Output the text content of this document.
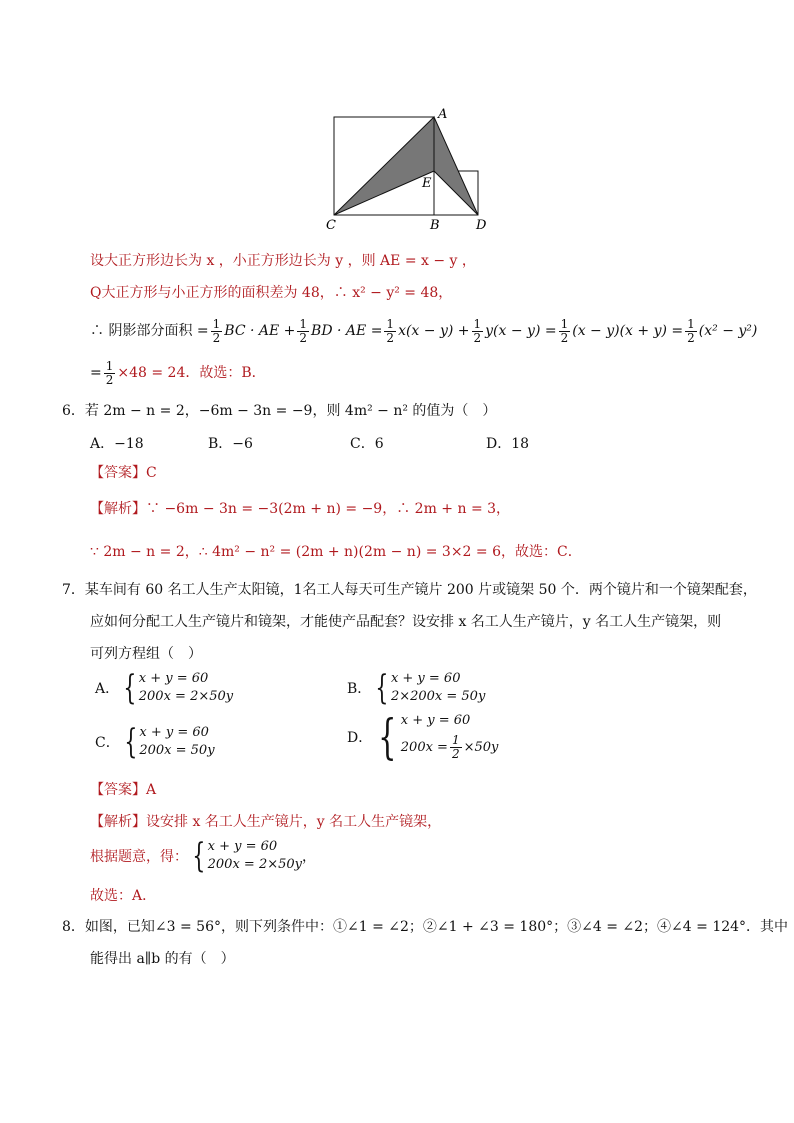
A
E
C	B	D
设大正方形边长为 x ，小正方形边长为 y ，则 AE = x − y ，
Q大正方形与小正方形的面积差为 48，∴ x² − y² = 48，
∴ 阴影部分面积 = $\frac{1}{2}$ BC · AE + $\frac{1}{2}$ BD · AE = $\frac{1}{2} x(x - y) + \frac{1}{2} y(x - y) = \frac{1}{2} (x - y)(x + y) = \frac{1}{2} (x^2 - y^2)$
= $\frac{1}{2} \times 48 = 24$．故选：B．
6．若 2m − n = 2，−6m − 3n = −9，则 4m² − n² 的值为（　）
A．−18	B．−6	C．6	D．18
【答案】C
【解析】∵ −6m − 3n = −3(2m + n) = −9，∴ 2m + n = 3，
∵ 2m − n = 2，∴ 4m² − n² = (2m + n)(2m − n) = 3×2 = 6，故选：C．
7．某车间有 60 名工人生产太阳镜，1名工人每天可生产镜片 200 片或镜架 50 个．两个镜片和一个镜架配套，
应如何分配工人生产镜片和镜架，才能使产品配套？设安排 x 名工人生产镜片，y 名工人生产镜架，则
可列方程组（　）
A． { x + y = 60
200x = 2×50y	B． { x + y = 60
2×200x = 50y
C． { x + y = 60
200x = 50y
D． { x + y = 60
$200x = \frac{1}{2} \times 50y$
【答案】A
【解析】设安排 x 名工人生产镜片，y 名工人生产镜架，
根据题意，得： { x + y = 60
200x = 2×50y ，
故选：A．
8．如图，已知∠3 = 56°，则下列条件中：①∠1 = ∠2；②∠1 + ∠3 = 180°；③∠4 = ∠2；④∠4 = 124°．其中
能得出 a∥b 的有（　）
